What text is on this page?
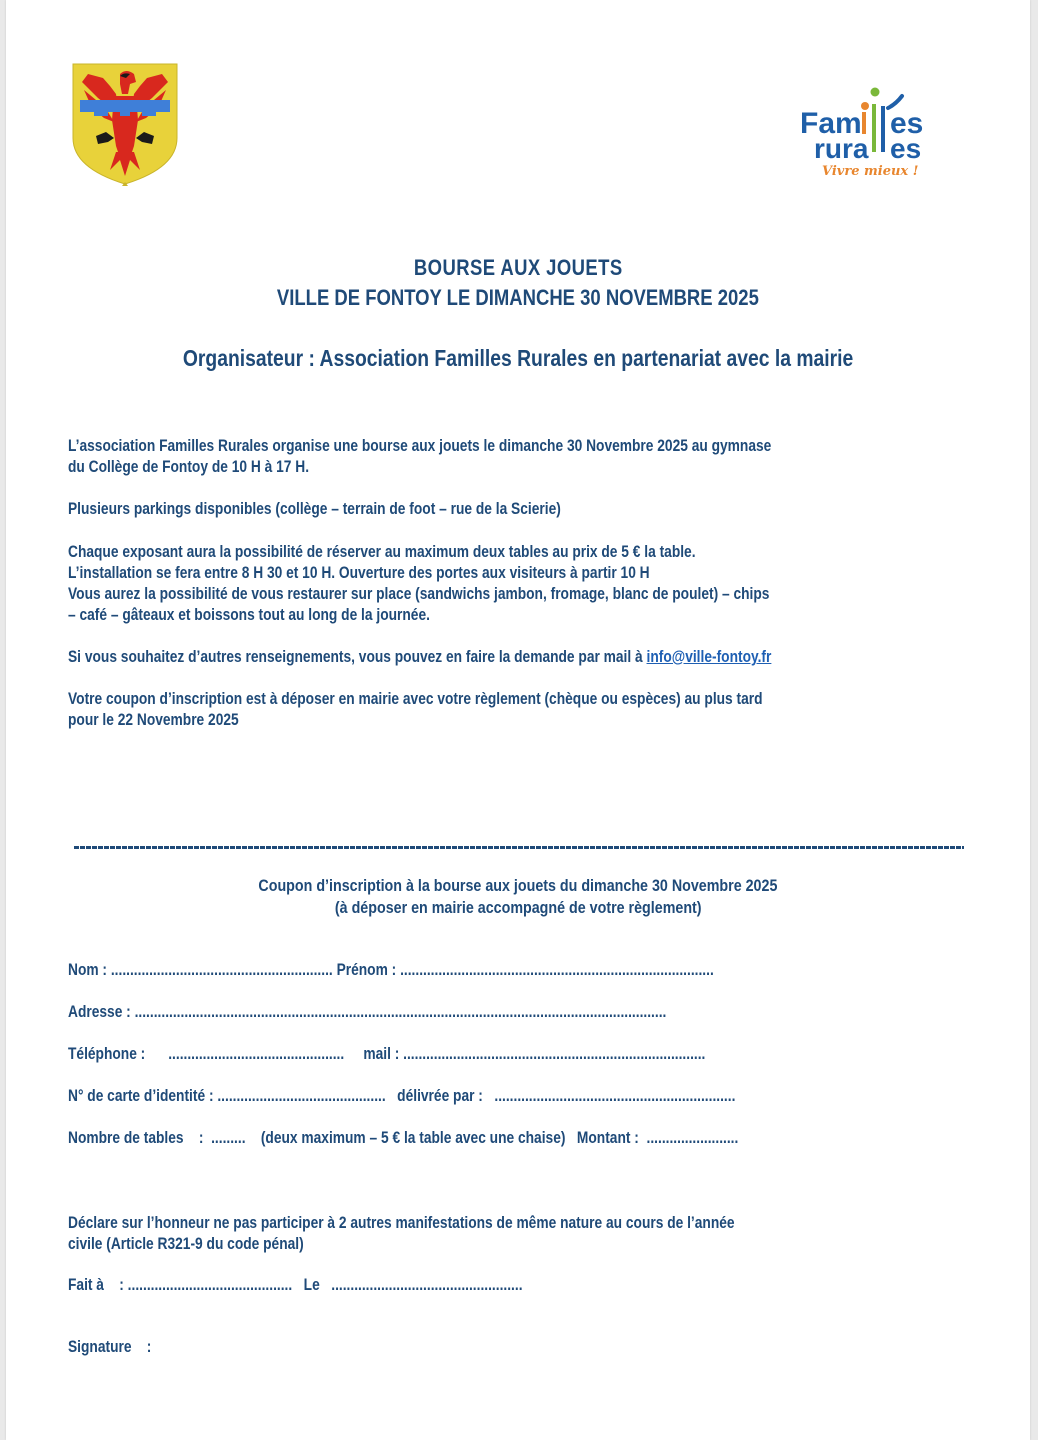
Fam es
rura es
Vivre mieux !
BOURSE AUX JOUETS
VILLE DE FONTOY LE DIMANCHE 30 NOVEMBRE 2025
Organisateur : Association Familles Rurales en partenariat avec la mairie

L’association Familles Rurales organise une bourse aux jouets le dimanche 30 Novembre 2025 au gymnase

du Collège de Fontoy de 10 H à 17 H.

Plusieurs parkings disponibles (collège – terrain de foot – rue de la Scierie)

Chaque exposant aura la possibilité de réserver au maximum deux tables au prix de 5 € la table.

L’installation se fera entre 8 H 30 et 10 H. Ouverture des portes aux visiteurs à partir 10 H

Vous aurez la possibilité de vous restaurer sur place (sandwichs jambon, fromage, blanc de poulet) – chips

– café – gâteaux et boissons tout au long de la journée.

Si vous souhaitez d’autres renseignements, vous pouvez en faire la demande par mail à info@ville-fontoy.fr

Votre coupon d’inscription est à déposer en mairie avec votre règlement (chèque ou espèces) au plus tard

pour le 22 Novembre 2025

Coupon d’inscription à la bourse aux jouets du dimanche 30 Novembre 2025
(à déposer en mairie accompagné de votre règlement)
Nom : .......................................................... Prénom : ..................................................................................
Adresse : ...........................................................................................................................................
Téléphone :      ..............................................     mail : ...............................................................................
N° de carte d’identité : ............................................   délivrée par :   ...............................................................
Nombre de tables    :  .........    (deux maximum – 5 € la table avec une chaise)   Montant :  ........................

Déclare sur l’honneur ne pas participer à 2 autres manifestations de même nature au cours de l’année

civile (Article R321-9 du code pénal)

Fait à    : ...........................................   Le   ..................................................
Signature    :
